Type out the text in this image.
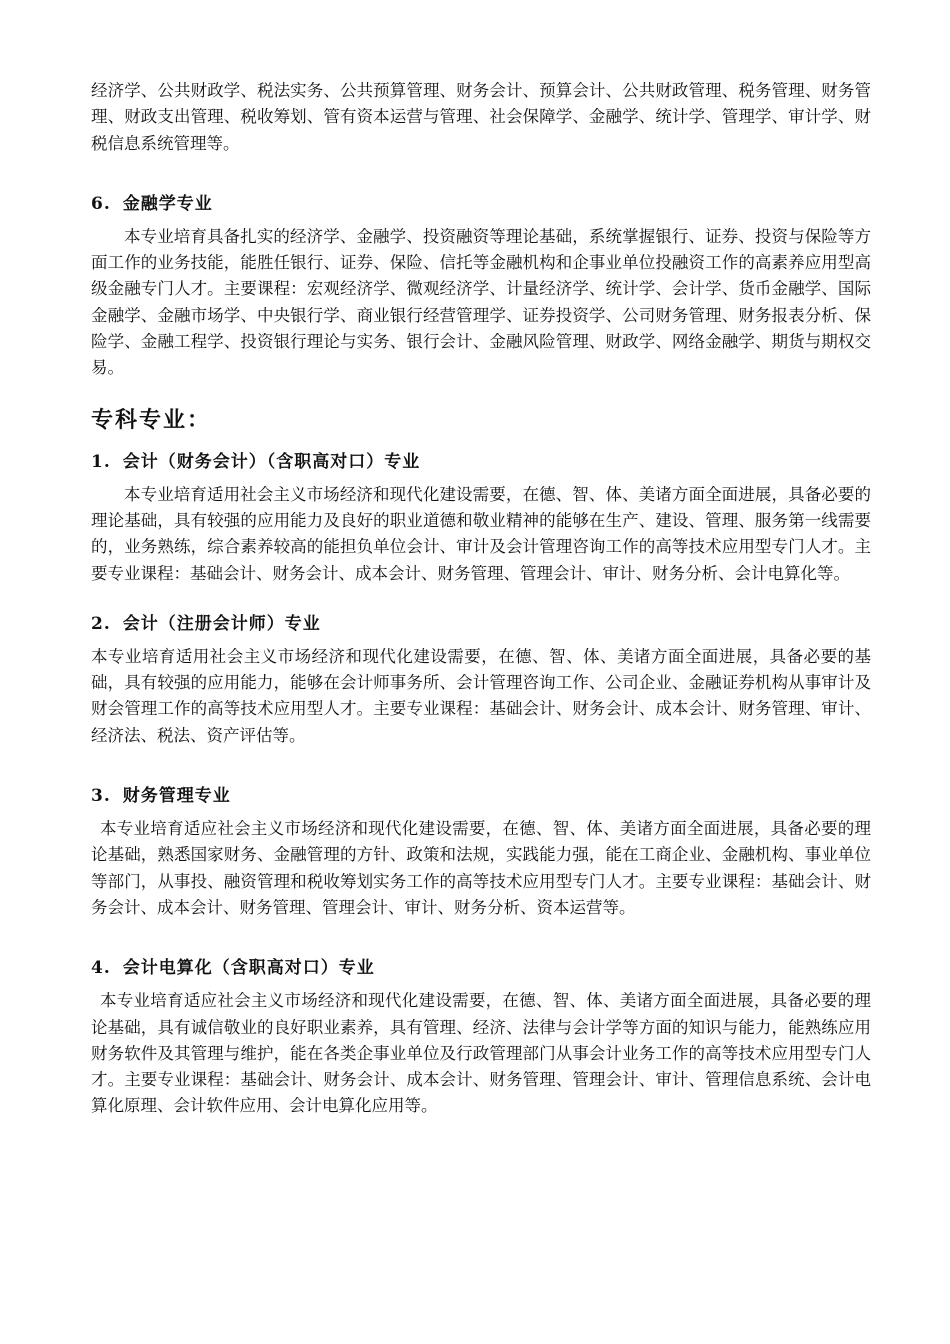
经济学、公共财政学、税法实务、公共预算管理、财务会计、预算会计、公共财政管理、税务管理、财务管理、财政支出管理、税收筹划、管有资本运营与管理、社会保障学、金融学、统计学、管理学、审计学、财税信息系统管理等。

6. 金融学专业

本专业培育具备扎实的经济学、金融学、投资融资等理论基础，系统掌握银行、证券、投资与保险等方面工作的业务技能，能胜任银行、证券、保险、信托等金融机构和企事业单位投融资工作的高素养应用型高级金融专门人才。主要课程：宏观经济学、微观经济学、计量经济学、统计学、会计学、货币金融学、国际金融学、金融市场学、中央银行学、商业银行经营管理学、证券投资学、公司财务管理、财务报表分析、保险学、金融工程学、投资银行理论与实务、银行会计、金融风险管理、财政学、网络金融学、期货与期权交易。

专科专业：
1. 会计（财务会计）（含职高对口）专业

本专业培育适用社会主义市场经济和现代化建设需要，在德、智、体、美诸方面全面进展，具备必要的理论基础，具有较强的应用能力及良好的职业道德和敬业精神的能够在生产、建设、管理、服务第一线需要的，业务熟练，综合素养较高的能担负单位会计、审计及会计管理咨询工作的高等技术应用型专门人才。主要专业课程：基础会计、财务会计、成本会计、财务管理、管理会计、审计、财务分析、会计电算化等。

2. 会计（注册会计师）专业

本专业培育适用社会主义市场经济和现代化建设需要，在德、智、体、美诸方面全面进展，具备必要的基础，具有较强的应用能力，能够在会计师事务所、会计管理咨询工作、公司企业、金融证券机构从事审计及财会管理工作的高等技术应用型人才。主要专业课程：基础会计、财务会计、成本会计、财务管理、审计、经济法、税法、资产评估等。

3. 财务管理专业

本专业培育适应社会主义市场经济和现代化建设需要，在德、智、体、美诸方面全面进展，具备必要的理论基础，熟悉国家财务、金融管理的方针、政策和法规，实践能力强，能在工商企业、金融机构、事业单位等部门，从事投、融资管理和税收筹划实务工作的高等技术应用型专门人才。主要专业课程：基础会计、财务会计、成本会计、财务管理、管理会计、审计、财务分析、资本运营等。

4. 会计电算化（含职高对口）专业

本专业培育适应社会主义市场经济和现代化建设需要，在德、智、体、美诸方面全面进展，具备必要的理论基础，具有诚信敬业的良好职业素养，具有管理、经济、法律与会计学等方面的知识与能力，能熟练应用财务软件及其管理与维护，能在各类企事业单位及行政管理部门从事会计业务工作的高等技术应用型专门人才。主要专业课程：基础会计、财务会计、成本会计、财务管理、管理会计、审计、管理信息系统、会计电算化原理、会计软件应用、会计电算化应用等。
